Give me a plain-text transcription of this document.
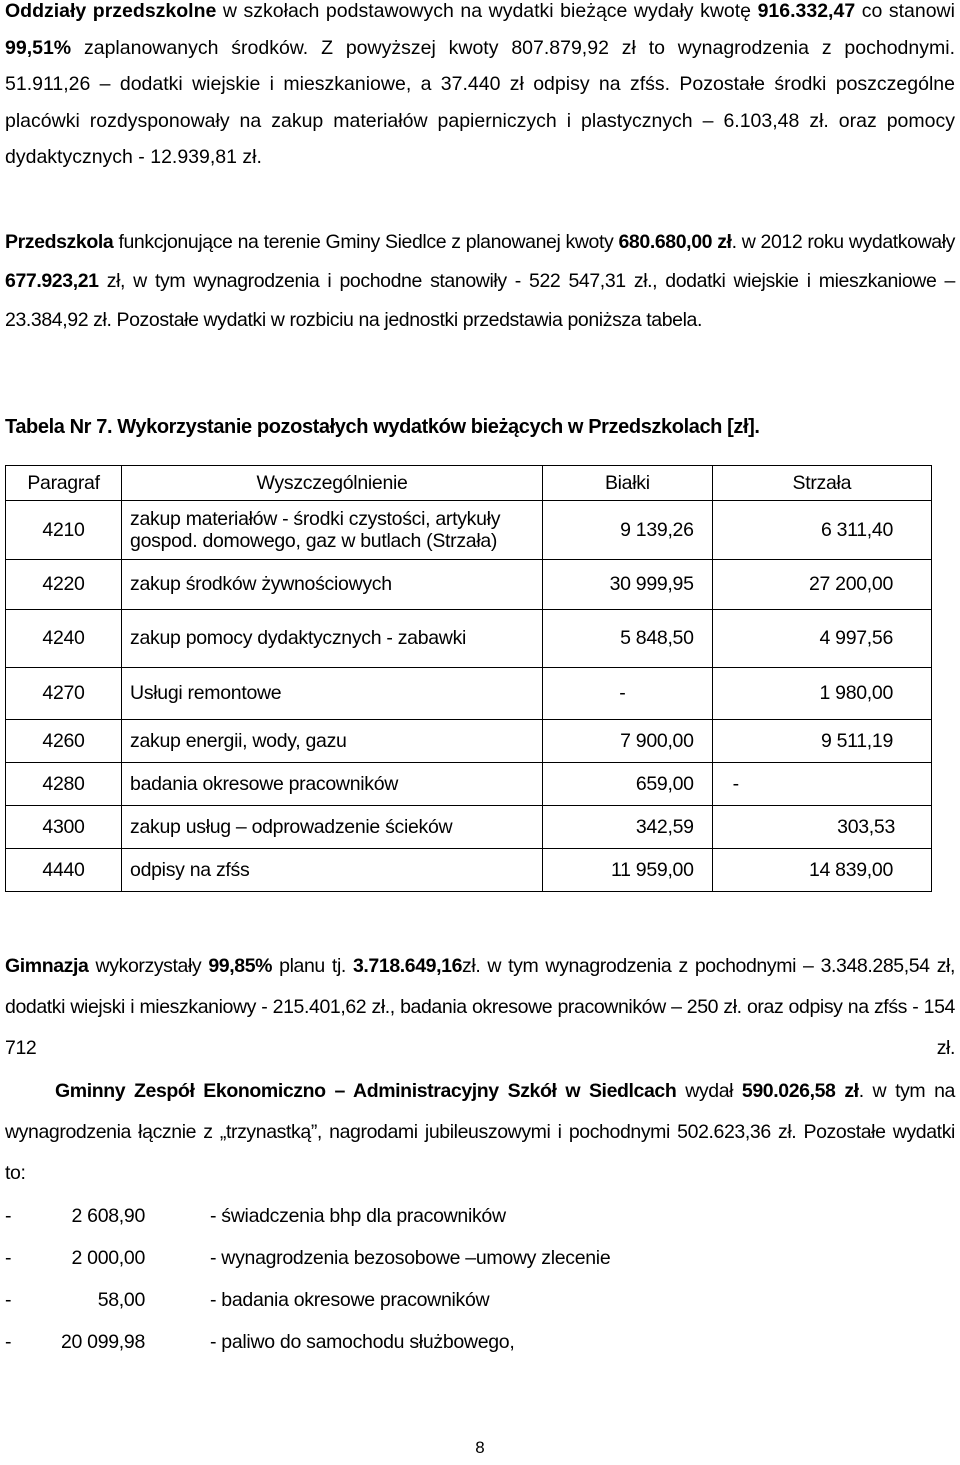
Oddziały przedszkolne w szkołach podstawowych na wydatki bieżące wydały kwotę 916.332,47 co stanowi 99,51% zaplanowanych środków. Z powyższej kwoty 807.879,92 zł to wynagrodzenia z pochodnymi. 51.911,26 – dodatki wiejskie i mieszkaniowe, a 37.440 zł odpisy na zfśs. Pozostałe środki poszczególne placówki rozdysponowały na zakup materiałów papierniczych i plastycznych – 6.103,48 zł. oraz pomocy dydaktycznych - 12.939,81 zł.

Przedszkola funkcjonujące na terenie Gminy Siedlce z planowanej kwoty 680.680,00 zł. w 2012 roku wydatkowały 677.923,21 zł, w tym wynagrodzenia i pochodne stanowiły - 522 547,31 zł., dodatki wiejskie i mieszkaniowe – 23.384,92 zł. Pozostałe wydatki w rozbiciu na jednostki przedstawia poniższa tabela.

Tabela Nr 7. Wykorzystanie pozostałych wydatków bieżących w Przedszkolach [zł].

Paragraf	Wyszczególnienie	Białki	Strzała
4210	zakup materiałów - środki czystości, artykuły gospod. domowego, gaz w butlach (Strzała)	9 139,26	6 311,40
4220	zakup środków żywnościowych	30 999,95	27 200,00
4240	zakup pomocy dydaktycznych - zabawki	5 848,50	4 997,56
4270	Usługi remontowe	-	1 980,00
4260	zakup energii, wody, gazu	7 900,00	9 511,19
4280	badania okresowe pracowników	659,00	-
4300	zakup usług – odprowadzenie ścieków	342,59	303,53
4440	odpisy na zfśs	11 959,00	14 839,00

Gimnazja wykorzystały 99,85% planu tj. 3.718.649,16zł. w tym wynagrodzenia z pochodnymi – 3.348.285,54 zł, dodatki wiejski i mieszkaniowy - 215.401,62 zł., badania okresowe pracowników – 250 zł. oraz odpisy na zfśs - 154 712 zł.

Gminny Zespół Ekonomiczno – Administracyjny Szkół w Siedlcach wydał 590.026,58 zł. w tym na wynagrodzenia łącznie z „trzynastką”, nagrodami jubileuszowymi i pochodnymi 502.623,36 zł. Pozostałe wydatki to:

-	2 608,90	- świadczenia bhp dla pracowników
-	2 000,00	- wynagrodzenia bezosobowe –umowy zlecenie
-	58,00	- badania okresowe pracowników
-	20 099,98	- paliwo do samochodu służbowego,
8
